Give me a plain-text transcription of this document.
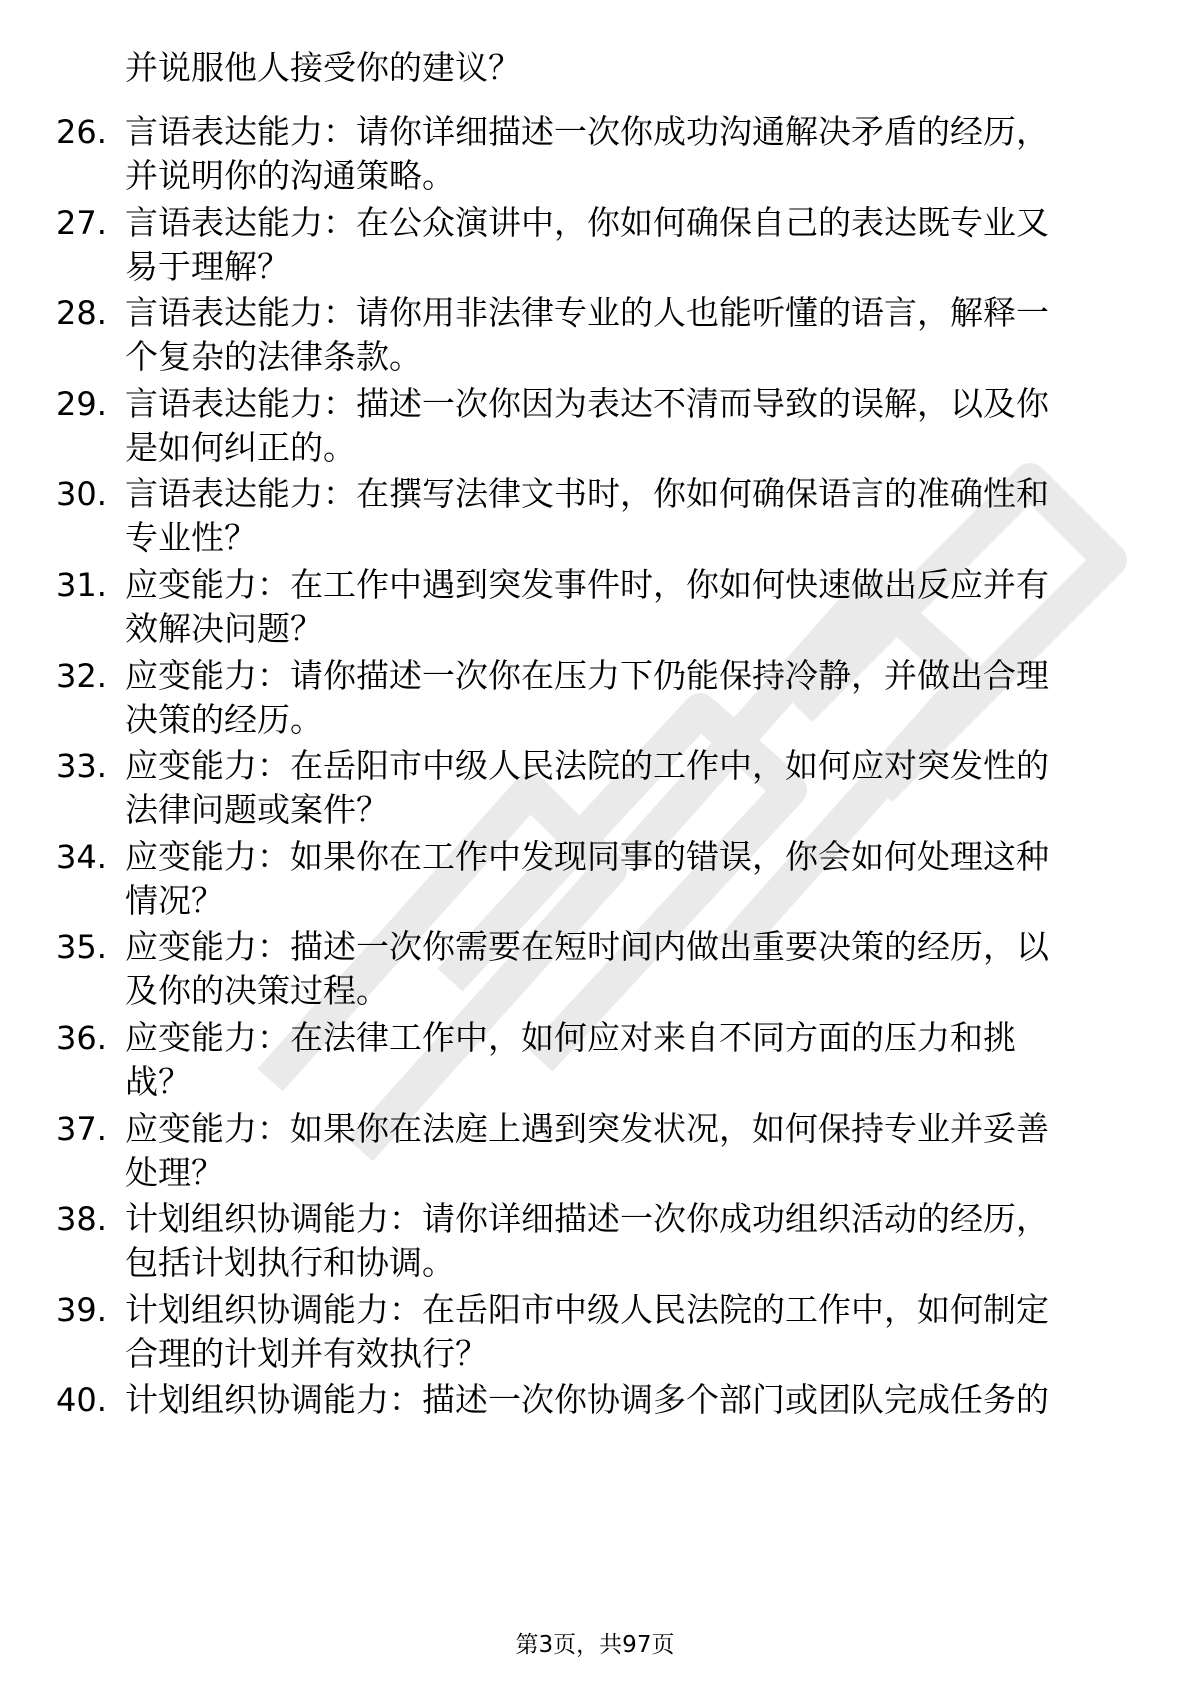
并说服他人接受你的建议？
26. 言语表达能力：请你详细描述一次你成功沟通解决矛盾的经历，
并说明你的沟通策略。
27. 言语表达能力：在公众演讲中，你如何确保自己的表达既专业又
易于理解？
28. 言语表达能力：请你用非法律专业的人也能听懂的语言，解释一
个复杂的法律条款。
29. 言语表达能力：描述一次你因为表达不清而导致的误解，以及你
是如何纠正的。
30. 言语表达能力：在撰写法律文书时，你如何确保语言的准确性和
专业性？
31. 应变能力：在工作中遇到突发事件时，你如何快速做出反应并有
效解决问题？
32. 应变能力：请你描述一次你在压力下仍能保持冷静，并做出合理
决策的经历。
33. 应变能力：在岳阳市中级人民法院的工作中，如何应对突发性的
法律问题或案件？
34. 应变能力：如果你在工作中发现同事的错误，你会如何处理这种
情况？
35. 应变能力：描述一次你需要在短时间内做出重要决策的经历，以
及你的决策过程。
36. 应变能力：在法律工作中，如何应对来自不同方面的压力和挑
战？
37. 应变能力：如果你在法庭上遇到突发状况，如何保持专业并妥善
处理？
38. 计划组织协调能力：请你详细描述一次你成功组织活动的经历，
包括计划执行和协调。
39. 计划组织协调能力：在岳阳市中级人民法院的工作中，如何制定
合理的计划并有效执行？
40. 计划组织协调能力：描述一次你协调多个部门或团队完成任务的
第3页，共97页
